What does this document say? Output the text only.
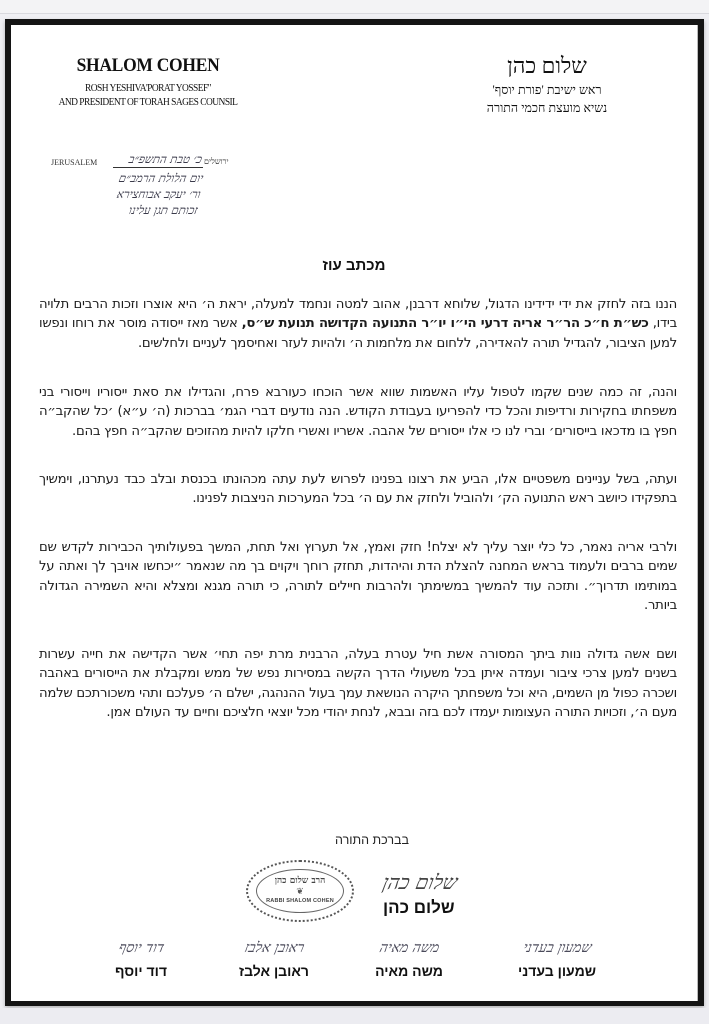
SHALOM COHEN
ROSH YESHIVA'PORAT YOSSEF"
AND PRESIDENT OF TORAH SAGES COUNSIL
שלום כהן
ראש ישיבת 'פורת יוסף'
נשיא מועצת חכמי התורה
JERUSALEM	ירושלים
כ׳ טבת התשפ״ב
יום הלולת הרמב״ם
ור׳ יעקב אבוחצירא
זכותם תגן עלינו
מכתב עוז
הננו בזה לחזק את ידי ידידינו הדגול, שלוחא דרבנן, אהוב למטה ונחמד למעלה, יראת ה׳ היא אוצרו וזכות הרבים תלויה בידו, כש״ת ח״כ הר״ר אריה דרעי הי״ו יו״ר התנועה הקדושה תנועת ש״ס, אשר מאז ייסודה מוסר את רוחו ונפשו למען הציבור, להגדיל תורה להאדירה, ללחום את מלחמות ה׳ ולהיות לעזר ואחיסמך לעניים ולחלשים.
והנה, זה כמה שנים שקמו לטפול עליו האשמות שווא אשר הוכחו כעורבא פרח, והגדילו את סאת ייסוריו וייסורי בני משפחתו בחקירות ורדיפות והכל כדי להפריעו בעבודת הקודש. הנה נודעים דברי הגמ׳ בברכות (ה׳ ע״א) ׳כל שהקב״ה חפץ בו מדכאו בייסורים׳ וברי לנו כי אלו ייסורים של אהבה. אשריו ואשרי חלקו להיות מהזוכים שהקב״ה חפץ בהם.
ועתה, בשל עניינים משפטיים אלו, הביע את רצונו בפנינו לפרוש לעת עתה מכהונתו בכנסת ובלב כבד נעתרנו, וימשיך בתפקידו כיושב ראש התנועה הק׳ ולהוביל ולחזק את עם ה׳ בכל המערכות הניצבות לפנינו.
ולרבי אריה נאמר, כל כלי יוצר עליך לא יצלח! חזק ואמץ, אל תערוץ ואל תחת, המשך בפעולותיך הכבירות לקדש שם שמים ברבים ולעמוד בראש המחנה להצלת הדת והיהדות, תחזק רוחך ויקוים בך מה שנאמר ״יכחשו אויבך לך ואתה על במותימו תדרוך״. ותזכה עוד להמשיך במשימתך ולהרבות חיילים לתורה, כי תורה מגנא ומצלא והיא השמירה הגדולה ביותר.
ושם אשה גדולה נוות ביתך המסורה אשת חיל עטרת בעלה, הרבנית מרת יפה תחי׳ אשר הקדישה את חייה עשרות בשנים למען צרכי ציבור ועמדה איתן בכל משעולי הדרך הקשה במסירות נפש של ממש ומקבלת את הייסורים באהבה ושכרה כפול מן השמים, היא וכל משפחתך היקרה הנושאת עמך בעול ההנהגה, ישלם ה׳ פעלכם ותהי משכורתכם שלמה מעם ה׳, וזכויות התורה העצומות יעמדו לכם בזה ובבא, לנחת יהודי מכל יוצאי חלציכם וחיים עד העולם אמן.
בברכת התורה
הרב שלום כהן
❦
RABBI SHALOM COHEN
שלום כהן
שלום כהן
שמעון בעדני
שמעון בעדני
משה מאיה
משה מאיה
ראובן אלבז
ראובן אלבז
דוד יוסף
דוד יוסף
